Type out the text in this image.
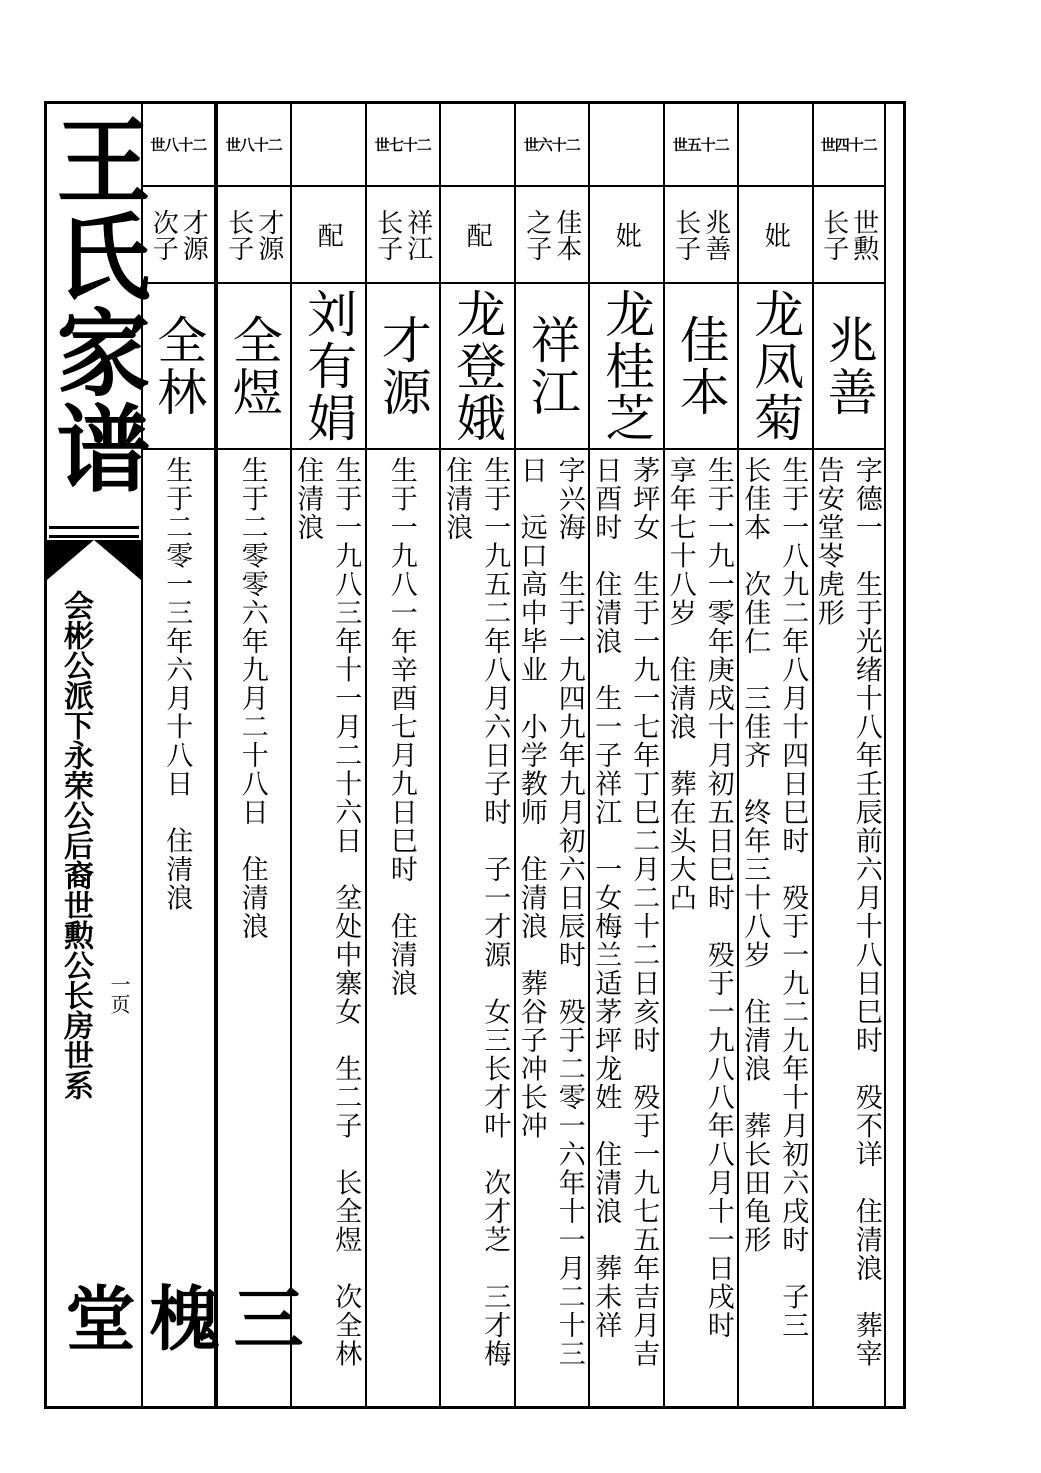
王氏家谱
会彬公派下永荣公后裔世勲公长房世系 一页
三槐堂
世四十二
世勲
长子
兆善
字德一　生于光绪十八年壬辰前六月十八日巳时　殁不详　住清浪　葬宰
告安堂岺虎形
妣
龙凤菊
生于一八九二年八月十四日巳时　殁于一九二九年十月初六戌时　子三
长佳本　次佳仁　三佳齐　终年三十八岁　住清浪　葬长田龟形
世五十二
兆善
长子
佳本
生于一九一零年庚戌十月初五日巳时　殁于一九八八年八月十一日戌时
享年七十八岁　住清浪　葬在头大凸
妣
龙桂芝
茅坪女　生于一九一七年丁巳二月二十二日亥时　殁于一九七五年吉月吉
日酉时　住清浪　生一子祥江　一女梅兰适茅坪龙姓　住清浪　葬未祥
世六十二
佳本
之子
祥江
字兴海　生于一九四九年九月初六日辰时　殁于二零一六年十一月二十三
日　远口高中毕业　小学教师　住清浪　葬谷子冲长冲
配
龙登娥
生于一九五二年八月六日子时　子一才源　女三长才叶　次才芝　三才梅
住清浪
世七十二
祥江
长子
才源
生于一九八一年辛酉七月九日巳时　住清浪
配
刘有娟
生于一九八三年十一月二十六日　坌处中寨女　生二子　长全煜　次全林
住清浪
世八十二
才源
长子
全煜
生于二零零六年九月二十八日　住清浪
世八十二
才源
次子
全林
生于二零一三年六月十八日　住清浪
